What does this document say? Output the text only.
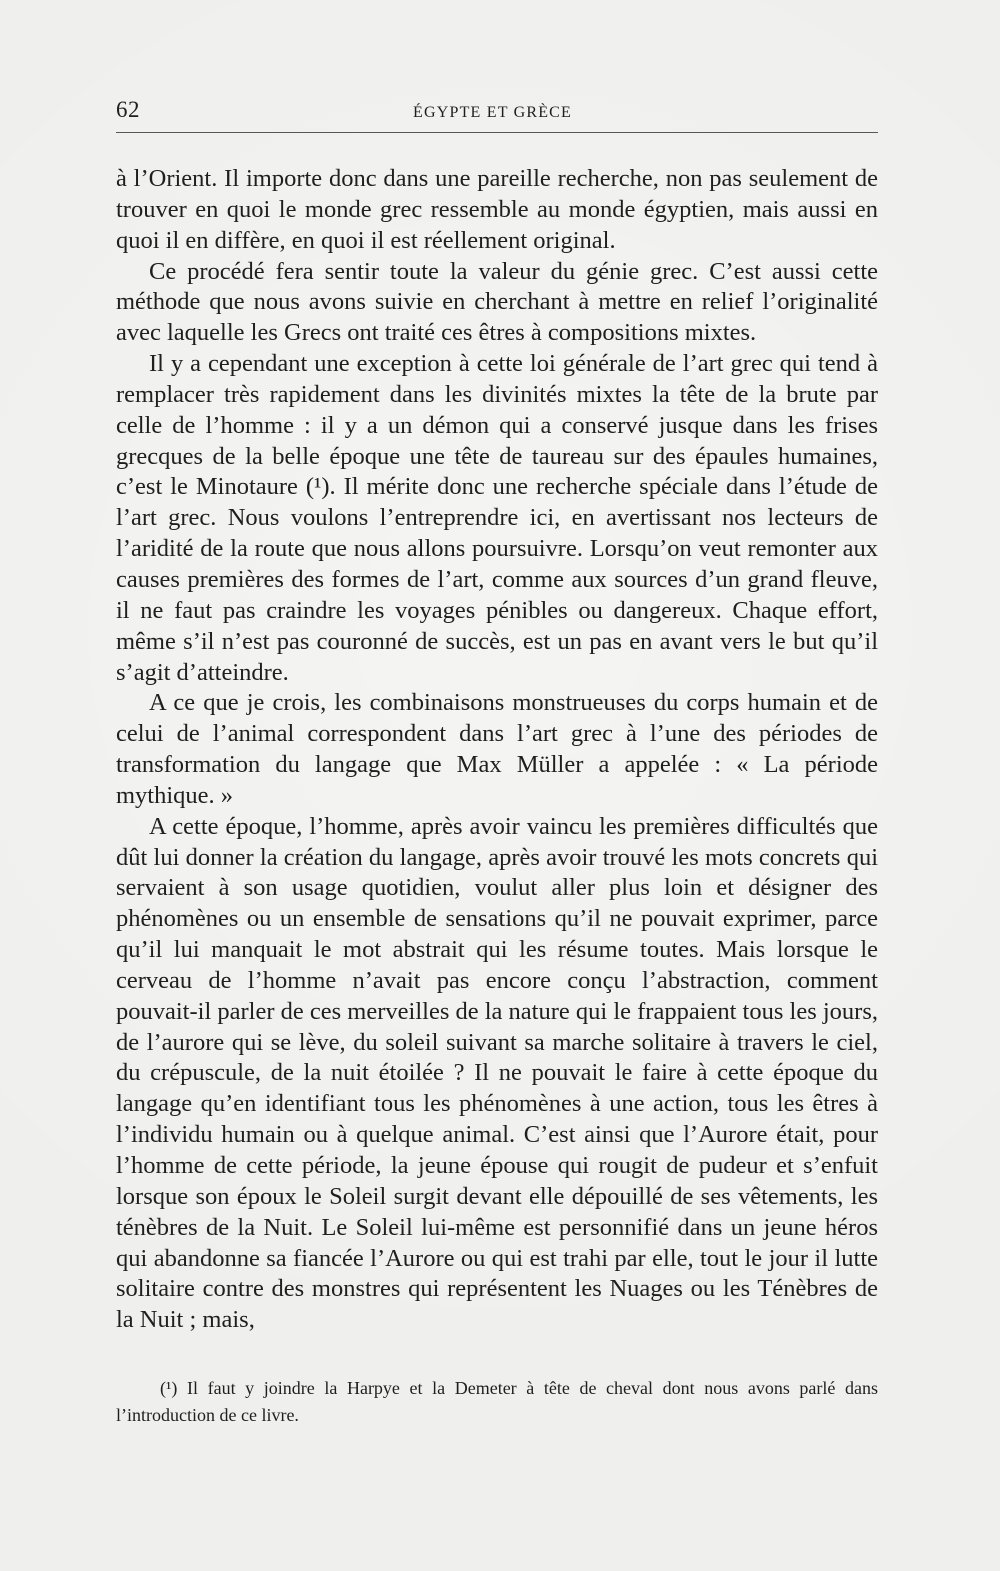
62	ÉGYPTE ET GRÈCE

à l’Orient. Il importe donc dans une pareille recherche, non pas seulement de trouver en quoi le monde grec ressemble au monde égyptien, mais aussi en quoi il en diffère, en quoi il est réellement original.

Ce procédé fera sentir toute la valeur du génie grec. C’est aussi cette méthode que nous avons suivie en cherchant à mettre en relief l’originalité avec laquelle les Grecs ont traité ces êtres à compositions mixtes.

Il y a cependant une exception à cette loi générale de l’art grec qui tend à remplacer très rapidement dans les divinités mixtes la tête de la brute par celle de l’homme : il y a un démon qui a conservé jusque dans les frises grecques de la belle époque une tête de taureau sur des épaules humaines, c’est le Minotaure (¹). Il mérite donc une recherche spéciale dans l’étude de l’art grec. Nous voulons l’entreprendre ici, en avertissant nos lecteurs de l’aridité de la route que nous allons poursuivre. Lorsqu’on veut remonter aux causes premières des formes de l’art, comme aux sources d’un grand fleuve, il ne faut pas craindre les voyages pénibles ou dangereux. Chaque effort, même s’il n’est pas couronné de succès, est un pas en avant vers le but qu’il s’agit d’atteindre.

A ce que je crois, les combinaisons monstrueuses du corps humain et de celui de l’animal correspondent dans l’art grec à l’une des périodes de transformation du langage que Max Müller a appelée : « La période mythique. »

A cette époque, l’homme, après avoir vaincu les premières difficultés que dût lui donner la création du langage, après avoir trouvé les mots concrets qui servaient à son usage quotidien, voulut aller plus loin et désigner des phénomènes ou un ensemble de sensations qu’il ne pouvait exprimer, parce qu’il lui manquait le mot abstrait qui les résume toutes. Mais lorsque le cerveau de l’homme n’avait pas encore conçu l’abstraction, comment pouvait-il parler de ces merveilles de la nature qui le frappaient tous les jours, de l’aurore qui se lève, du soleil suivant sa marche solitaire à travers le ciel, du crépuscule, de la nuit étoilée ? Il ne pouvait le faire à cette époque du langage qu’en identifiant tous les phénomènes à une action, tous les êtres à l’individu humain ou à quelque animal. C’est ainsi que l’Aurore était, pour l’homme de cette période, la jeune épouse qui rougit de pudeur et s’enfuit lorsque son époux le Soleil surgit devant elle dépouillé de ses vêtements, les ténèbres de la Nuit. Le Soleil lui-même est personnifié dans un jeune héros qui abandonne sa fiancée l’Aurore ou qui est trahi par elle, tout le jour il lutte solitaire contre des monstres qui représentent les Nuages ou les Ténèbres de la Nuit ; mais,

(¹) Il faut y joindre la Harpye et la Demeter à tête de cheval dont nous avons parlé dans l’introduction de ce livre.
